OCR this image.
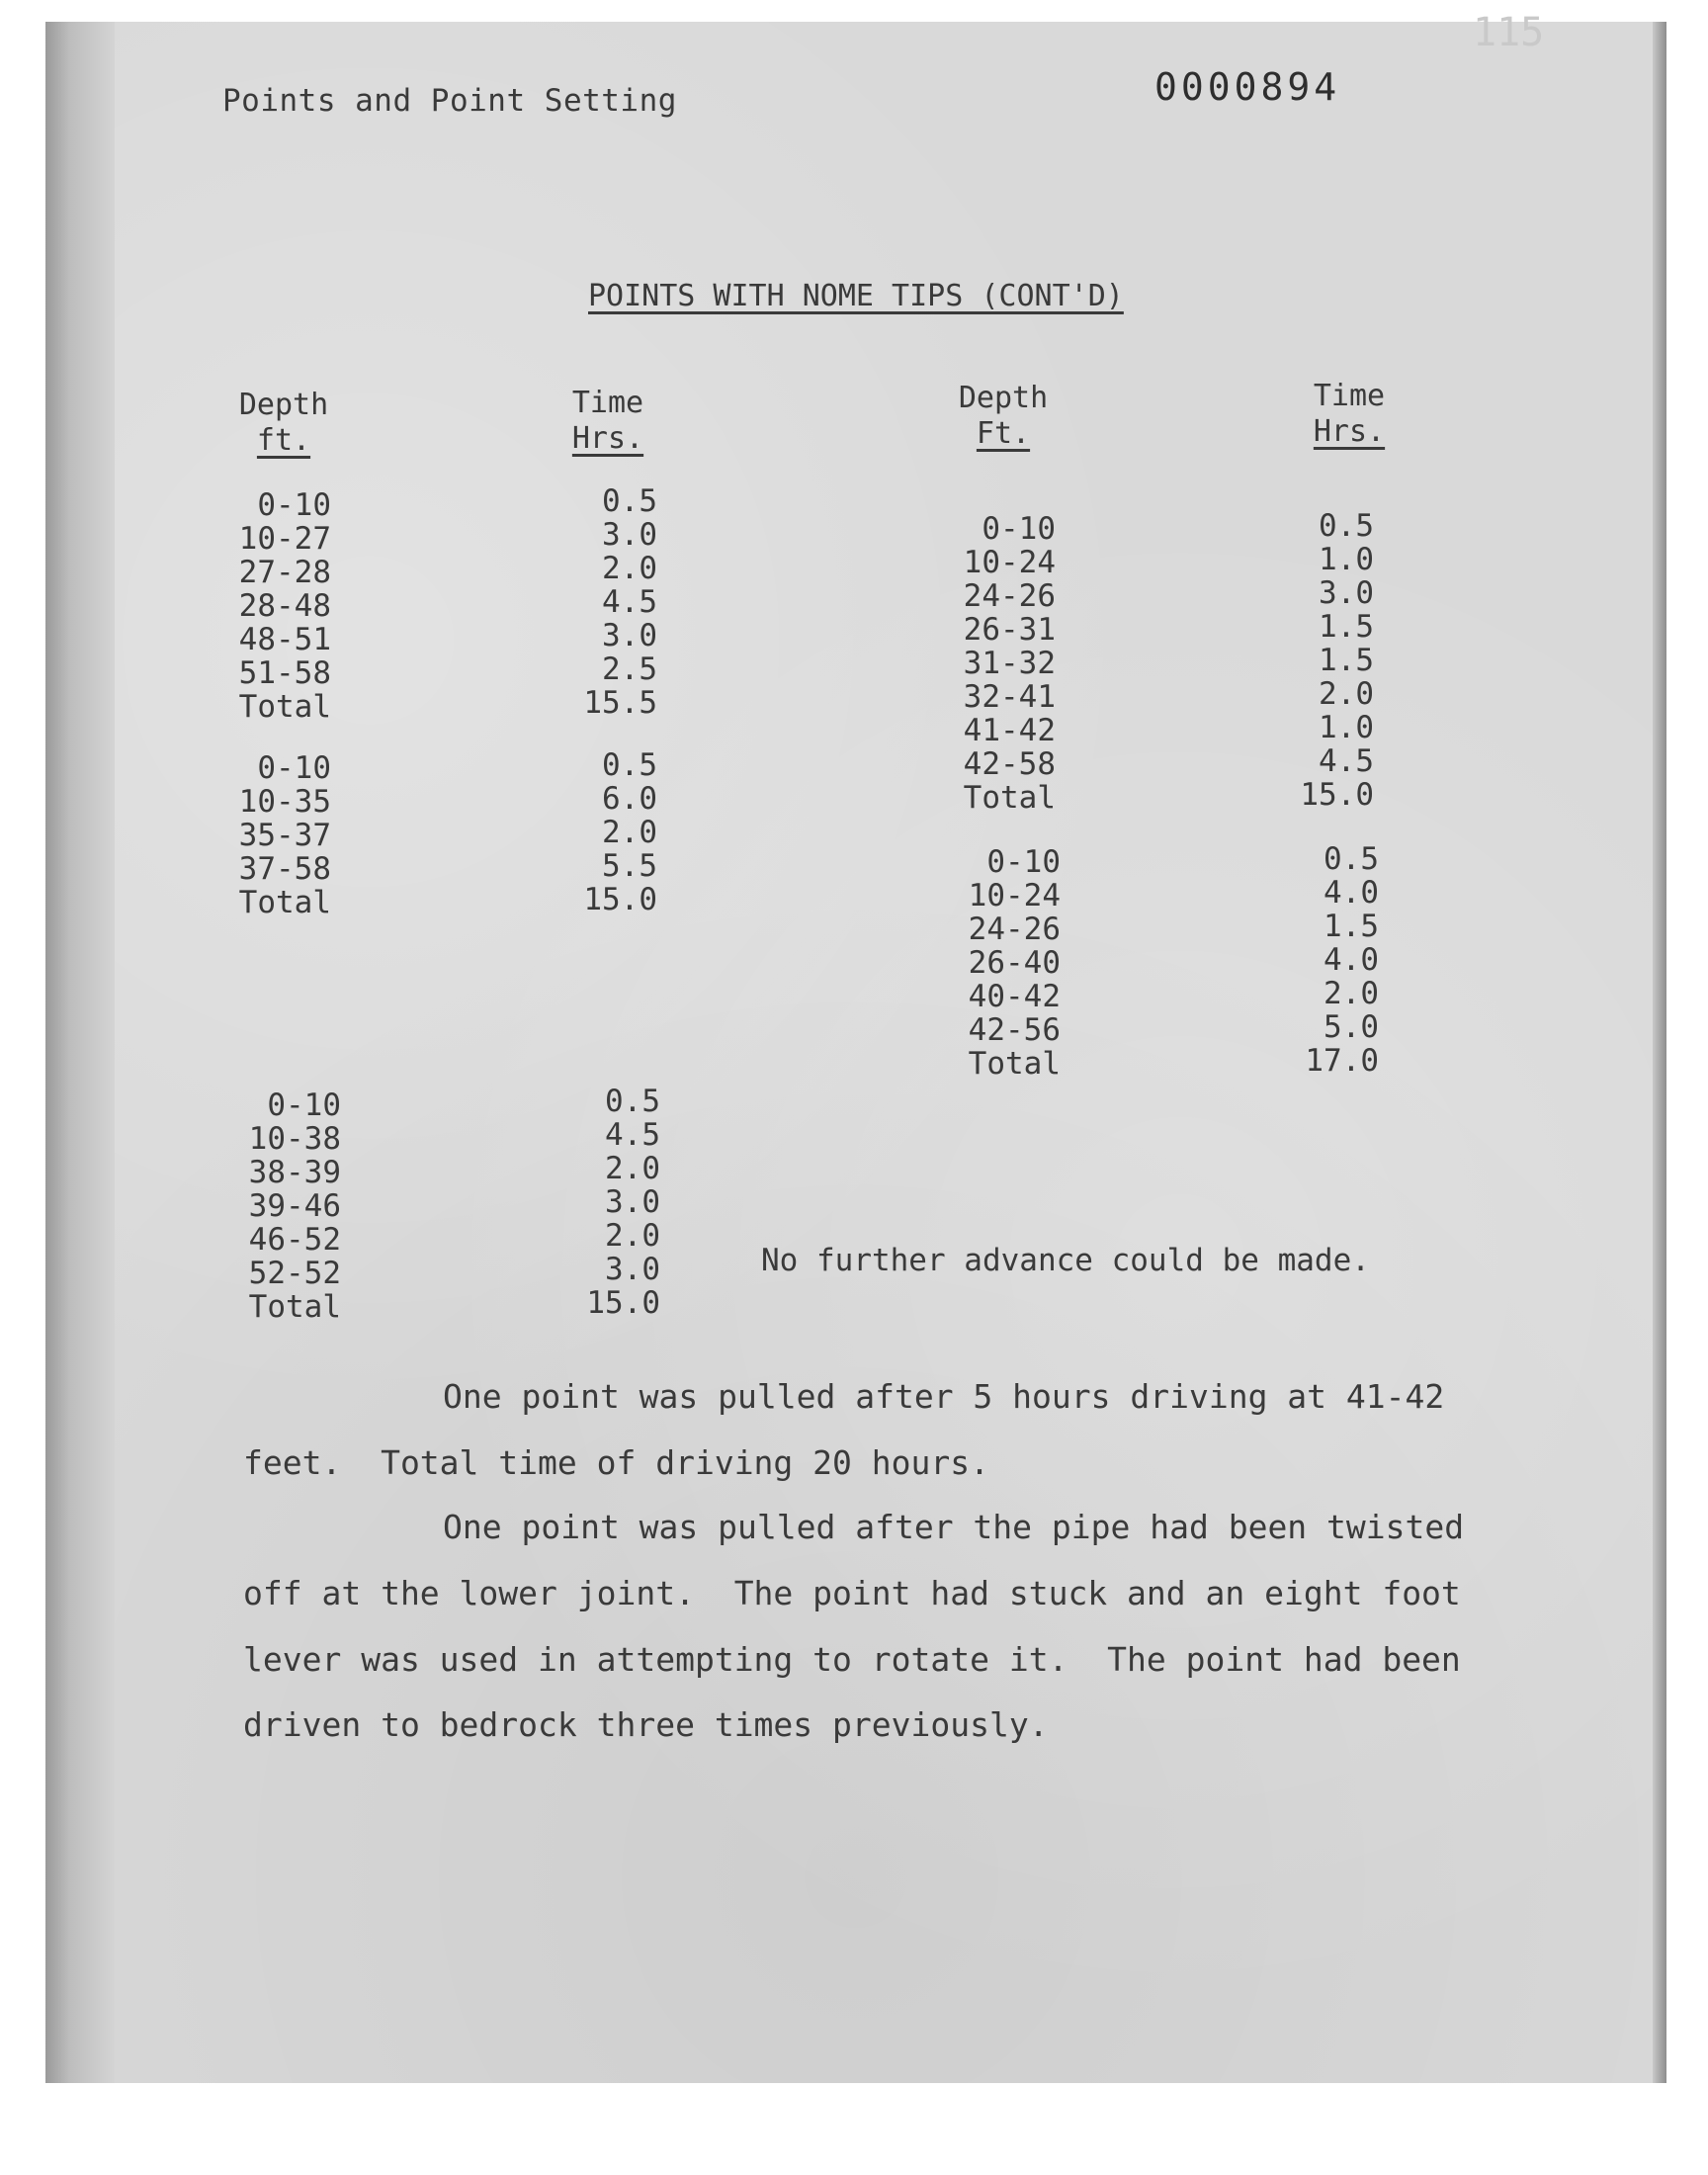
115
Points and Point Setting	0000894
POINTS WITH NOME TIPS (CONT'D)
Depth
ft.
Time
Hrs.
Depth
Ft.
Time
Hrs.
0-10
10-27
27-28
28-48
48-51
51-58
Total
0.5
3.0
2.0
4.5
3.0
2.5
15.5
0-10
10-35
35-37
37-58
Total
0.5
6.0
2.0
5.5
15.0
0-10
10-38
38-39
39-46
46-52
52-52
Total
0.5
4.5
2.0
3.0
2.0
3.0
15.0
0-10
10-24
24-26
26-31
31-32
32-41
41-42
42-58
Total
0.5
1.0
3.0
1.5
1.5
2.0
1.0
4.5
15.0
0-10
10-24
24-26
26-40
40-42
42-56
Total
0.5
4.0
1.5
4.0
2.0
5.0
17.0
No further advance could be made.
One point was pulled after 5 hours driving at 41-42
feet.  Total time of driving 20 hours.
One point was pulled after the pipe had been twisted
off at the lower joint.  The point had stuck and an eight foot
lever was used in attempting to rotate it.  The point had been
driven to bedrock three times previously.
